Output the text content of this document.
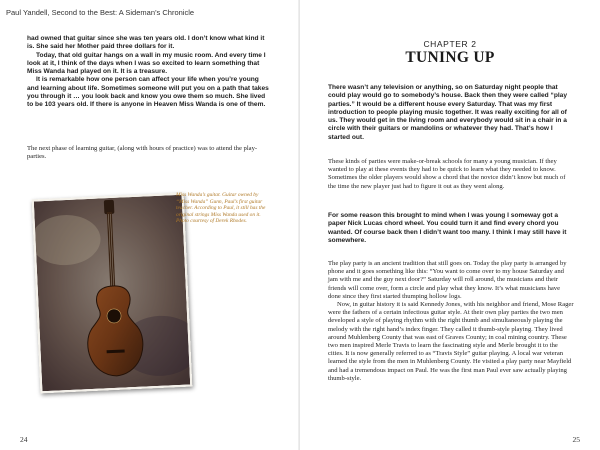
Paul Yandell, Second to the Best: A Sideman’s Chronicle

had owned that guitar since she was ten years old. I don’t know what kind it is. She said her Mother paid three dollars for it.

Today, that old guitar hangs on a wall in my music room. And every time I look at it, I think of the days when I was so excited to learn something that Miss Wanda had played on it. It is a treasure.

It is remarkable how one person can affect your life when you’re young and learning about life. Sometimes someone will put you on a path that takes you through it … you look back and know you owe them so much. She lived to be 103 years old. If there is anyone in Heaven Miss Wanda is one of them.

The next phase of learning guitar, (along with hours of practice) was to attend the play-parties.

Miss Wanda’s guitar. Guitar owned by “Miss Wanda” Gunn, Paul’s first guitar teacher. According to Paul, it still has the original strings Miss Wanda used on it. Photo courtesy of Derek Rhodes.
24
CHAPTER 2
TUNING UP

There wasn’t any television or anything, so on Saturday night people that could play would go to somebody’s house. Back then they were called “play parties.” It would be a different house every Saturday. That was my first introduction to people playing music together. It was really exciting for all of us. They would get in the living room and everybody would sit in a chair in a circle with their guitars or mandolins or whatever they had. That’s how I started out.

These kinds of parties were make-or-break schools for many a young musician. If they wanted to play at these events they had to be quick to learn what they needed to know. Sometimes the older players would show a chord that the novice didn’t know but much of the time the new player just had to figure it out as they went along.

For some reason this brought to mind when I was young I someway got a paper Nick Lucas chord wheel. You could turn it and find every chord you wanted. Of course back then I didn’t want too many. I think I may still have it somewhere.

The play party is an ancient tradition that still goes on. Today the play party is arranged by phone and it goes something like this: “You want to come over to my house Saturday and jam with me and the guy next door?” Saturday will roll around, the musicians and their friends will come over, form a circle and play what they know. It’s what musicians have done since they first started thumping hollow logs.

Now, in guitar history it is said Kennedy Jones, with his neighbor and friend, Mose Rager were the fathers of a certain infectious guitar style. At their own play parties the two men developed a style of playing rhythm with the right thumb and simultaneously playing the melody with the right hand’s index finger. They called it thumb-style playing. They lived around Muhlenberg County that was east of Graves County; in coal mining country. These two men inspired Merle Travis to learn the fascinating style and Merle brought it to the cities. It is now generally referred to as “Travis Style” guitar playing. A local war veteran learned the style from the men in Muhlenberg County. He visited a play party near Mayfield and had a tremendous impact on Paul. He was the first man Paul ever saw actually playing thumb-style.

25
